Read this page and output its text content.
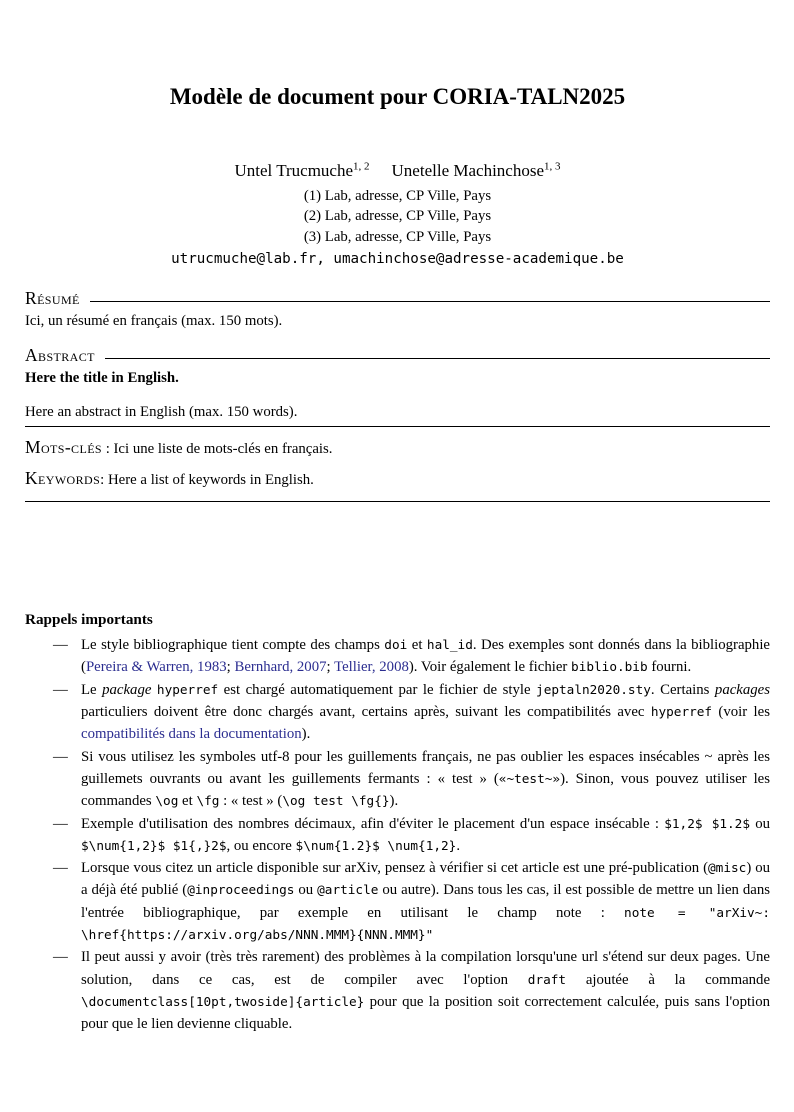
Modèle de document pour CORIA-TALN2025
Untel Trucmuche$^{1, 2}$ Unetelle Machinchose$^{1, 3}$
(1) Lab, adresse, CP Ville, Pays
(2) Lab, adresse, CP Ville, Pays
(3) Lab, adresse, CP Ville, Pays
utrucmuche@lab.fr, umachinchose@adresse-academique.be
Résumé
Ici, un résumé en français (max. 150 mots).
Abstract
Here the title in English.
Here an abstract in English (max. 150 words).
Mots-clés : Ici une liste de mots-clés en français.
Keywords: Here a list of keywords in English.
Rappels importants
— Le style bibliographique tient compte des champs doi et hal_id. Des exemples sont donnés dans la bibliographie (Pereira & Warren, 1983; Bernhard, 2007; Tellier, 2008). Voir également le fichier biblio.bib fourni.
— Le package hyperref est chargé automatiquement par le fichier de style jeptaln2020.sty. Certains packages particuliers doivent être donc chargés avant, certains après, suivant les compatibilités avec hyperref (voir les compatibilités dans la documentation).
— Si vous utilisez les symboles utf-8 pour les guillements français, ne pas oublier les espaces insécables ~ après les guillemets ouvrants ou avant les guillements fermants : « test » («~test~»). Sinon, vous pouvez utiliser les commandes \og et \fg : « test » (\og test \fg{}).
— Exemple d'utilisation des nombres décimaux, afin d'éviter le placement d'un espace insécable : $1,2$ $1.2$ ou $\num{1,2}$ $1{,}2$, ou encore $\num{1.2}$ \num{1,2}.
— Lorsque vous citez un article disponible sur arXiv, pensez à vérifier si cet article est une pré-publication (@misc) ou a déjà été publié (@inproceedings ou @article ou autre). Dans tous les cas, il est possible de mettre un lien dans l'entrée bibliographique, par exemple en utilisant le champ note : note = "arXiv~: \href{https://arxiv.org/abs/NNN.MMM}{NNN.MMM}"
— Il peut aussi y avoir (très très rarement) des problèmes à la compilation lorsqu'une url s'étend sur deux pages. Une solution, dans ce cas, est de compiler avec l'option draft ajoutée à la commande \documentclass[10pt,twoside]{article} pour que la position soit correctement calculée, puis sans l'option pour que le lien devienne cliquable.
